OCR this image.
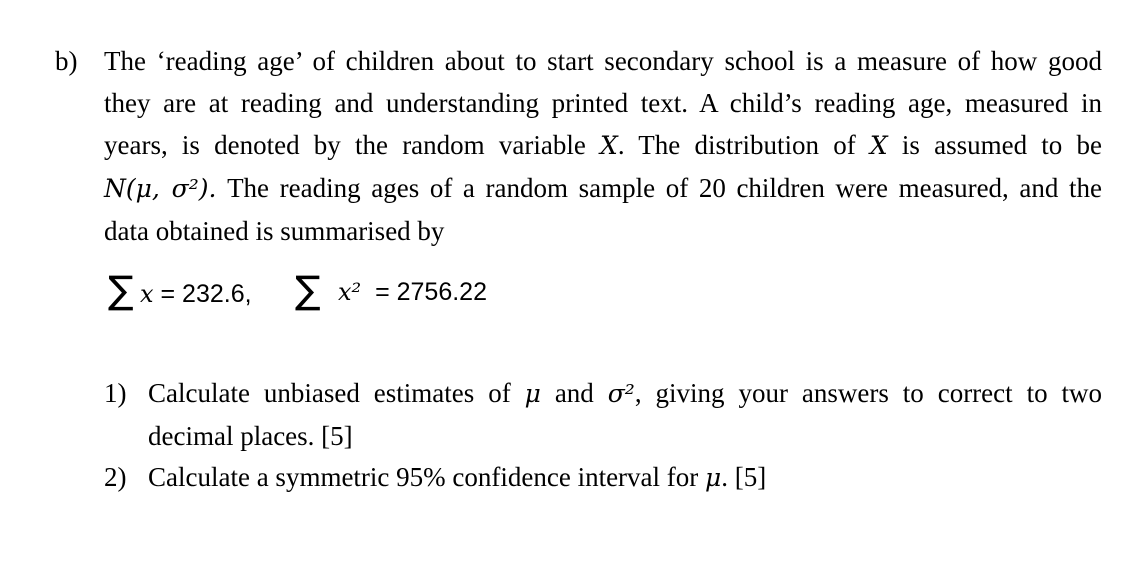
b) The ‘reading age’ of children about to start secondary school is a measure of how good
they are at reading and understanding printed text. A child’s reading age, measured in
years, is denoted by the random variable X. The distribution of X is assumed to be
N(μ, σ²). The reading ages of a random sample of 20 children were measured, and the
data obtained is summarised by
∑ x = 232.6, ∑ x² = 2756.22
1) Calculate unbiased estimates of μ and σ², giving your answers to correct to two
decimal places. [5]
2) Calculate a symmetric 95% confidence interval for μ. [5]
